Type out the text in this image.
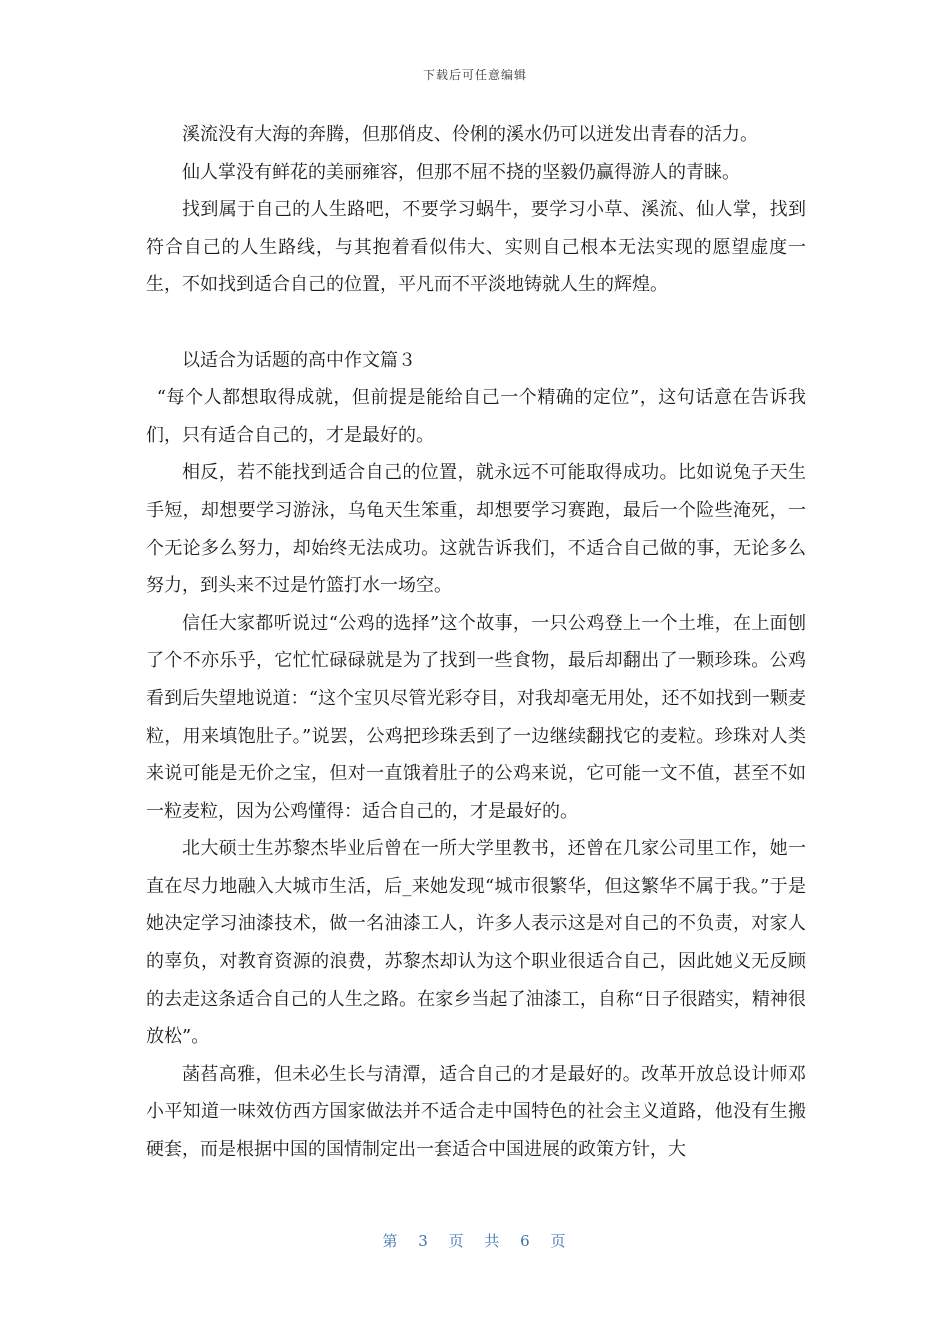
下载后可任意编辑

溪流没有大海的奔腾，但那俏皮、伶俐的溪水仍可以迸发出青春的活力。

仙人掌没有鲜花的美丽雍容，但那不屈不挠的坚毅仍赢得游人的青睐。

找到属于自己的人生路吧，不要学习蜗牛，要学习小草、溪流、仙人掌，找到符合自己的人生路线，与其抱着看似伟大、实则自己根本无法实现的愿望虚度一生，不如找到适合自己的位置，平凡而不平淡地铸就人生的辉煌。

以适合为话题的高中作文篇３

“每个人都想取得成就，但前提是能给自己一个精确的定位”，这句话意在告诉我们，只有适合自己的，才是最好的。

相反，若不能找到适合自己的位置，就永远不可能取得成功。比如说兔子天生手短，却想要学习游泳，乌龟天生笨重，却想要学习赛跑，最后一个险些淹死，一个无论多么努力，却始终无法成功。这就告诉我们，不适合自己做的事，无论多么努力，到头来不过是竹篮打水一场空。

信任大家都听说过“公鸡的选择”这个故事，一只公鸡登上一个土堆，在上面刨了个不亦乐乎，它忙忙碌碌就是为了找到一些食物，最后却翻出了一颗珍珠。公鸡看到后失望地说道：“这个宝贝尽管光彩夺目，对我却毫无用处，还不如找到一颗麦粒，用来填饱肚子。”说罢，公鸡把珍珠丢到了一边继续翻找它的麦粒。珍珠对人类来说可能是无价之宝，但对一直饿着肚子的公鸡来说，它可能一文不值，甚至不如一粒麦粒，因为公鸡懂得：适合自己的，才是最好的。

北大硕士生苏黎杰毕业后曾在一所大学里教书，还曾在几家公司里工作，她一直在尽力地融入大城市生活，后_来她发现“城市很繁华，但这繁华不属于我。”于是她决定学习油漆技术，做一名油漆工人，许多人表示这是对自己的不负责，对家人的辜负，对教育资源的浪费，苏黎杰却认为这个职业很适合自己，因此她义无反顾的去走这条适合自己的人生之路。在家乡当起了油漆工，自称“日子很踏实，精神很放松”。

菡萏高雅，但未必生长与清潭，适合自己的才是最好的。改革开放总设计师邓小平知道一味效仿西方国家做法并不适合走中国特色的社会主义道路，他没有生搬硬套，而是根据中国的国情制定出一套适合中国进展的政策方针，大

第 3 页 共 6 页
